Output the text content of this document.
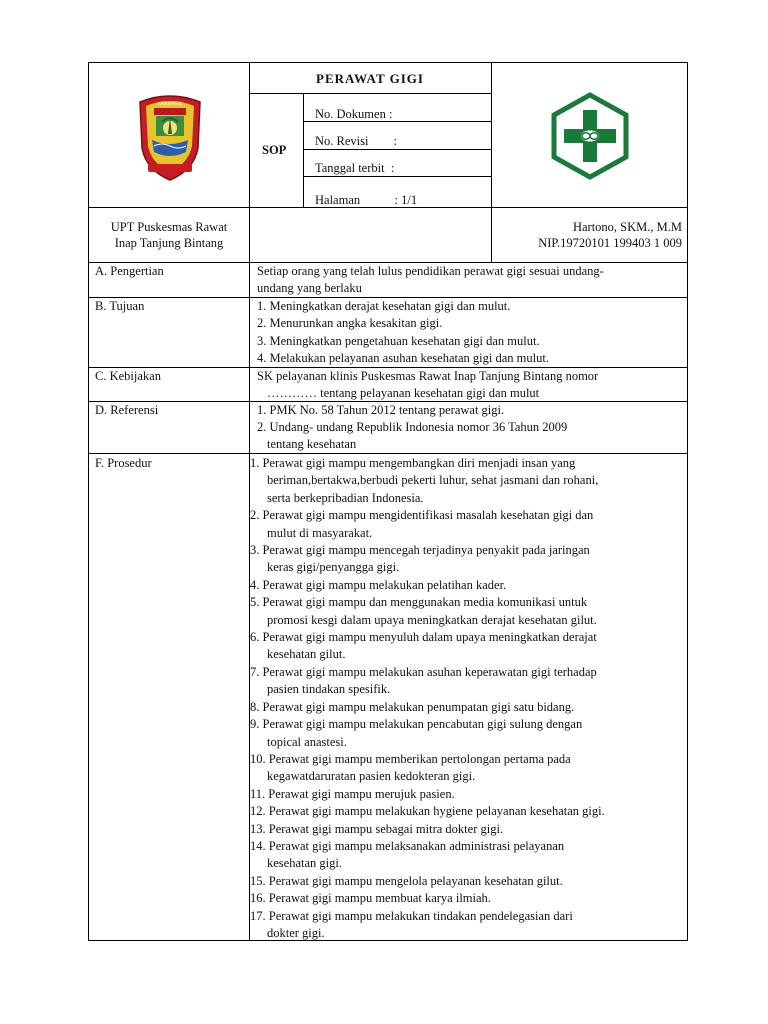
KABUPATEN
PERAWAT GIGI
SOP
No. Dokumen :
No. Revisi        :
Tanggal terbit  :
Halaman           : 1/1
UPT Puskesmas Rawat
Inap Tanjung Bintang
Hartono, SKM., M.M
NIP.19720101 199403 1 009
A. Pengertian	Setiap orang yang telah lulus pendidikan perawat gigi sesuai undang-
undang yang berlaku
B. Tujuan	1. Meningkatkan derajat kesehatan gigi dan mulut.
2. Menurunkan angka kesakitan gigi.
3. Meningkatkan pengetahuan kesehatan gigi dan mulut.
4. Melakukan pelayanan asuhan kesehatan gigi dan mulut.
C. Kebijakan	SK pelayanan klinis Puskesmas Rawat Inap Tanjung Bintang nomor
………… tentang pelayanan kesehatan gigi dan mulut
D. Referensi	1. PMK No. 58 Tahun 2012 tentang perawat gigi.
2. Undang- undang Republik Indonesia nomor 36 Tahun 2009
tentang kesehatan
F. Prosedur	1. Perawat gigi mampu mengembangkan diri menjadi insan yang
beriman,bertakwa,berbudi pekerti luhur, sehat jasmani dan rohani,
serta berkepribadian Indonesia.
2. Perawat gigi mampu mengidentifikasi masalah kesehatan gigi dan
mulut di masyarakat.
3. Perawat gigi mampu mencegah terjadinya penyakit pada jaringan
keras gigi/penyangga gigi.
4. Perawat gigi mampu melakukan pelatihan kader.
5. Perawat gigi mampu dan menggunakan media komunikasi untuk
promosi kesgi dalam upaya meningkatkan derajat kesehatan gilut.
6. Perawat gigi mampu menyuluh dalam upaya meningkatkan derajat
kesehatan gilut.
7. Perawat gigi mampu melakukan asuhan keperawatan gigi terhadap
pasien tindakan spesifik.
8. Perawat gigi mampu melakukan penumpatan gigi satu bidang.
9. Perawat gigi mampu melakukan pencabutan gigi sulung dengan
topical anastesi.
10. Perawat gigi mampu memberikan pertolongan pertama pada
kegawatdaruratan pasien kedokteran gigi.
11. Perawat gigi mampu merujuk pasien.
12. Perawat gigi mampu melakukan hygiene pelayanan kesehatan gigi.
13. Perawat gigi mampu sebagai mitra dokter gigi.
14. Perawat gigi mampu melaksanakan administrasi pelayanan
kesehatan gigi.
15. Perawat gigi mampu mengelola pelayanan kesehatan gilut.
16. Perawat gigi mampu membuat karya ilmiah.
17. Perawat gigi mampu melakukan tindakan pendelegasian dari
dokter gigi.
